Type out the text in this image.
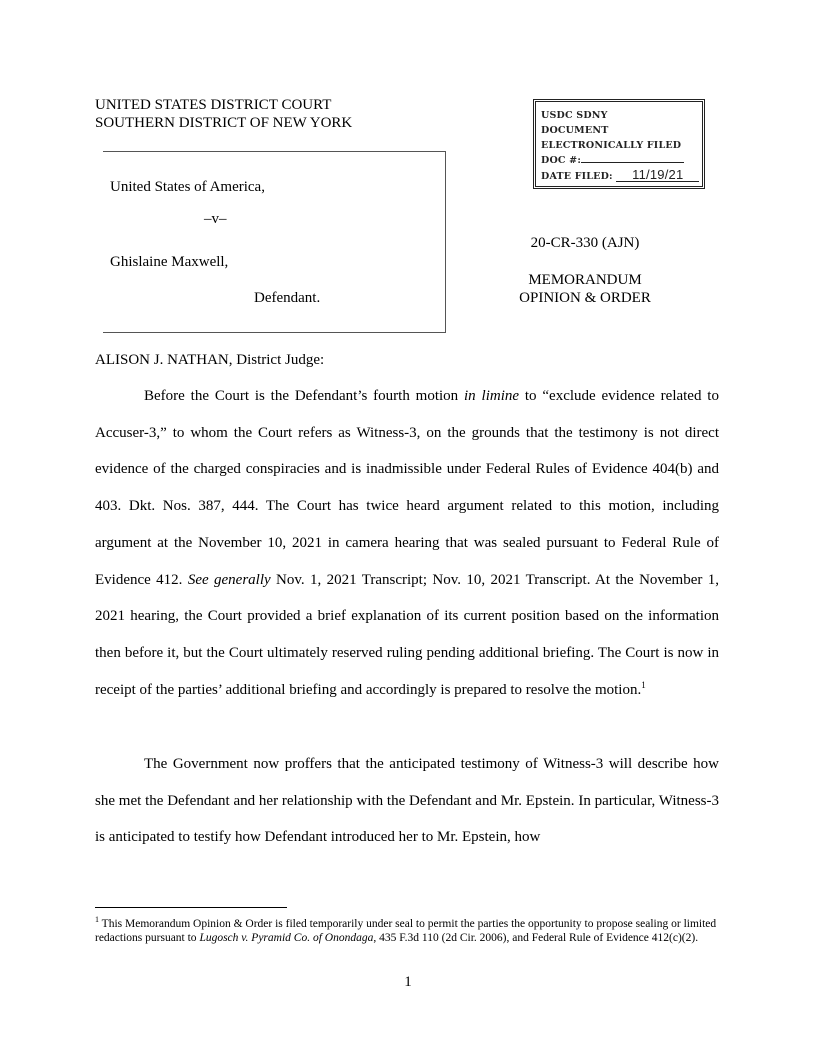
UNITED STATES DISTRICT COURT
SOUTHERN DISTRICT OF NEW YORK	USDC SDNY
DOCUMENT
ELECTRONICALLY FILED
DOC #:
DATE FILED: 11/19/21
United States of America,
–v–
Ghislaine Maxwell,
Defendant.
20-CR-330 (AJN)
MEMORANDUM
OPINION & ORDER
ALISON J. NATHAN, District Judge:

Before the Court is the Defendant’s fourth motion in limine to “exclude evidence related to Accuser-3,” to whom the Court refers as Witness-3, on the grounds that the testimony is not direct evidence of the charged conspiracies and is inadmissible under Federal Rules of Evidence 404(b) and 403. Dkt. Nos. 387, 444. The Court has twice heard argument related to this motion, including argument at the November 10, 2021 in camera hearing that was sealed pursuant to Federal Rule of Evidence 412. See generally Nov. 1, 2021 Transcript; Nov. 10, 2021 Transcript. At the November 1, 2021 hearing, the Court provided a brief explanation of its current position based on the information then before it, but the Court ultimately reserved ruling pending additional briefing. The Court is now in receipt of the parties’ additional briefing and accordingly is prepared to resolve the motion.$^1$

The Government now proffers that the anticipated testimony of Witness-3 will describe how she met the Defendant and her relationship with the Defendant and Mr. Epstein. In particular, Witness-3 is anticipated to testify how Defendant introduced her to Mr. Epstein, how

$^1$ This Memorandum Opinion & Order is filed temporarily under seal to permit the parties the opportunity to propose sealing or limited redactions pursuant to Lugosch v. Pyramid Co. of Onondaga, 435 F.3d 110 (2d Cir. 2006), and Federal Rule of Evidence 412(c)(2).
1
